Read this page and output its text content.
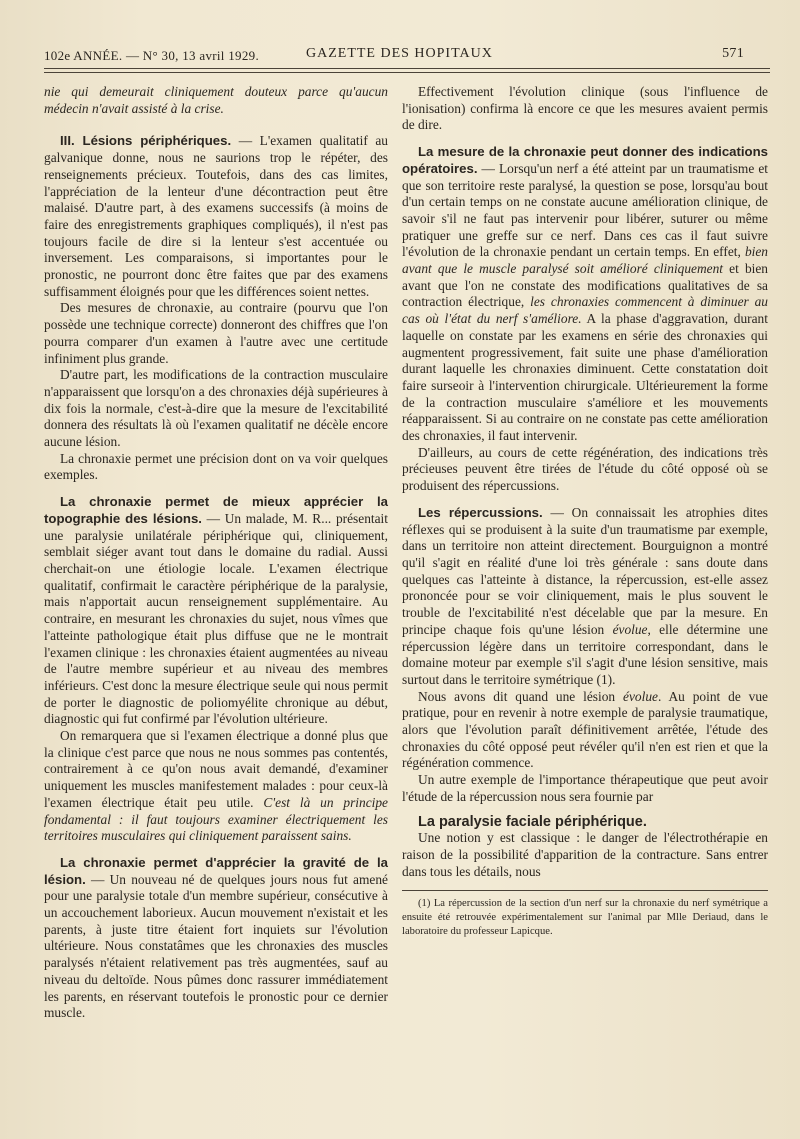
102e ANNÉE. — N° 30, 13 avril 1929.	GAZETTE DES HOPITAUX	571

nie qui demeurait cliniquement douteux parce qu'aucun médecin n'avait assisté à la crise.

III. Lésions périphériques. — L'examen qualitatif au galvanique donne, nous ne saurions trop le répéter, des renseignements précieux. Toutefois, dans des cas limites, l'appréciation de la lenteur d'une décontraction peut être malaisé. D'autre part, à des examens successifs (à moins de faire des enregistrements graphiques compliqués), il n'est pas toujours facile de dire si la lenteur s'est accentuée ou inversement. Les comparaisons, si importantes pour le pronostic, ne pourront donc être faites que par des examens suffisamment éloignés pour que les différences soient nettes.

Des mesures de chronaxie, au contraire (pourvu que l'on possède une technique correcte) donneront des chiffres que l'on pourra comparer d'un examen à l'autre avec une certitude infiniment plus grande.

D'autre part, les modifications de la contraction musculaire n'apparaissent que lorsqu'on a des chronaxies déjà supérieures à dix fois la normale, c'est-à-dire que la mesure de l'excitabilité donnera des résultats là où l'examen qualitatif ne décèle encore aucune lésion.

La chronaxie permet une précision dont on va voir quelques exemples.

La chronaxie permet de mieux apprécier la topographie des lésions. — Un malade, M. R... présentait une paralysie unilatérale périphérique qui, cliniquement, semblait siéger avant tout dans le domaine du radial. Aussi cherchait-on une étiologie locale. L'examen électrique qualitatif, confirmait le caractère périphérique de la paralysie, mais n'apportait aucun renseignement supplémentaire. Au contraire, en mesurant les chronaxies du sujet, nous vîmes que l'atteinte pathologique était plus diffuse que ne le montrait l'examen clinique : les chronaxies étaient augmentées au niveau de l'autre membre supérieur et au niveau des membres inférieurs. C'est donc la mesure électrique seule qui nous permit de porter le diagnostic de poliomyélite chronique au début, diagnostic qui fut confirmé par l'évolution ultérieure.

On remarquera que si l'examen électrique a donné plus que la clinique c'est parce que nous ne nous sommes pas contentés, contrairement à ce qu'on nous avait demandé, d'examiner uniquement les muscles manifestement malades : pour ceux-là l'examen électrique était peu utile. C'est là un principe fondamental : il faut toujours examiner électriquement les territoires musculaires qui cliniquement paraissent sains.

La chronaxie permet d'apprécier la gravité de la lésion. — Un nouveau né de quelques jours nous fut amené pour une paralysie totale d'un membre supérieur, consécutive à un accouchement laborieux. Aucun mouvement n'existait et les parents, à juste titre étaient fort inquiets sur l'évolution ultérieure. Nous constatâmes que les chronaxies des muscles paralysés n'étaient relativement pas très augmentées, sauf au niveau du deltoïde. Nous pûmes donc rassurer immédiatement les parents, en réservant toutefois le pronostic pour ce dernier muscle.

Effectivement l'évolution clinique (sous l'influence de l'ionisation) confirma là encore ce que les mesures avaient permis de dire.

La mesure de la chronaxie peut donner des indications opératoires. — Lorsqu'un nerf a été atteint par un traumatisme et que son territoire reste paralysé, la question se pose, lorsqu'au bout d'un certain temps on ne constate aucune amélioration clinique, de savoir s'il ne faut pas intervenir pour libérer, suturer ou même pratiquer une greffe sur ce nerf. Dans ces cas il faut suivre l'évolution de la chronaxie pendant un certain temps. En effet, bien avant que le muscle paralysé soit amélioré cliniquement et bien avant que l'on ne constate des modifications qualitatives de sa contraction électrique, les chronaxies commencent à diminuer au cas où l'état du nerf s'améliore. A la phase d'aggravation, durant laquelle on constate par les examens en série des chronaxies qui augmentent progressivement, fait suite une phase d'amélioration durant laquelle les chronaxies diminuent. Cette constatation doit faire surseoir à l'intervention chirurgicale. Ultérieurement la forme de la contraction musculaire s'améliore et les mouvements réapparaissent. Si au contraire on ne constate pas cette amélioration des chronaxies, il faut intervenir.

D'ailleurs, au cours de cette régénération, des indications très précieuses peuvent être tirées de l'étude du côté opposé où se produisent des répercussions.

Les répercussions. — On connaissait les atrophies dites réflexes qui se produisent à la suite d'un traumatisme par exemple, dans un territoire non atteint directement. Bourguignon a montré qu'il s'agit en réalité d'une loi très générale : sans doute dans quelques cas l'atteinte à distance, la répercussion, est-elle assez prononcée pour se voir cliniquement, mais le plus souvent le trouble de l'excitabilité n'est décelable que par la mesure. En principe chaque fois qu'une lésion évolue, elle détermine une répercussion légère dans un territoire correspondant, dans le domaine moteur par exemple s'il s'agit d'une lésion sensitive, mais surtout dans le territoire symétrique (1).

Nous avons dit quand une lésion évolue. Au point de vue pratique, pour en revenir à notre exemple de paralysie traumatique, alors que l'évolution paraît définitivement arrêtée, l'étude des chronaxies du côté opposé peut révéler qu'il n'en est rien et que la régénération commence.

Un autre exemple de l'importance thérapeutique que peut avoir l'étude de la répercussion nous sera fournie par

La paralysie faciale périphérique.

Une notion y est classique : le danger de l'électrothérapie en raison de la possibilité d'apparition de la contracture. Sans entrer dans tous les détails, nous

(1) La répercussion de la section d'un nerf sur la chronaxie du nerf symétrique a ensuite été retrouvée expérimentalement sur l'animal par Mlle Deriaud, dans le laboratoire du professeur Lapicque.
